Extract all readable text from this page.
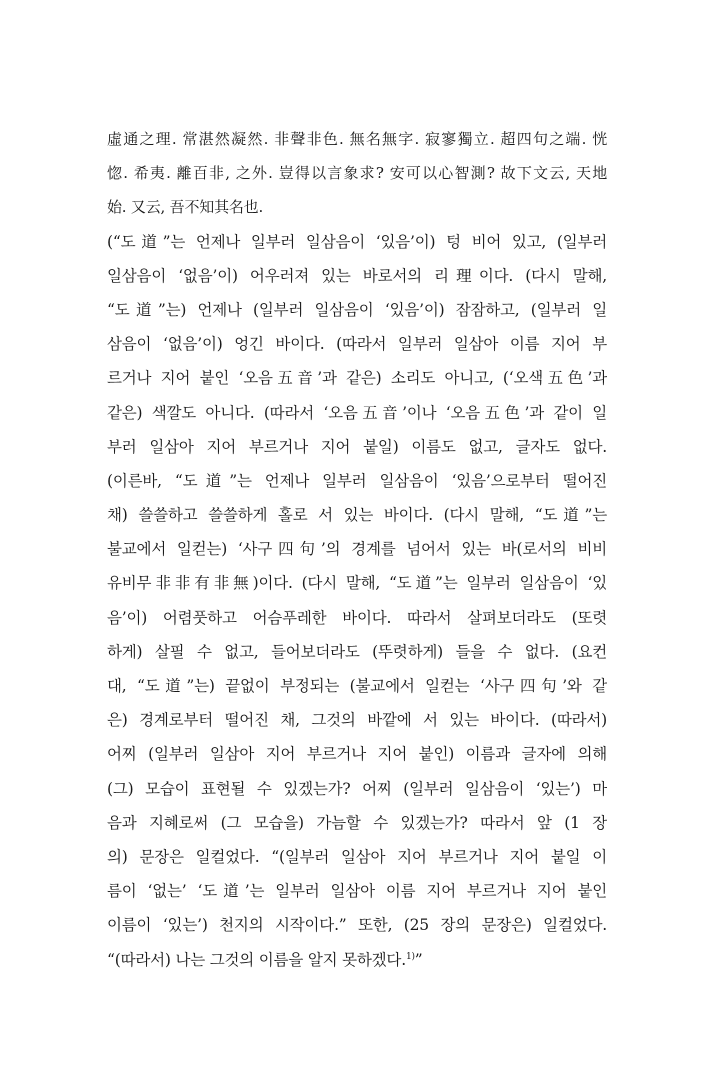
虛通之理. 常湛然凝然. 非聲非色. 無名無字. 寂寥獨立. 超四句之端. 恍
惚. 希夷. 離百非, 之外. 豈得以言象求? 安可以心智測? 故下文云, 天地
始. 又云, 吾不知其名也.
(“도道”는 언제나 일부러 일삼음이 ‘있음’이) 텅 비어 있고, (일부러
일삼음이 ‘없음’이) 어우러져 있는 바로서의 리理이다. (다시 말해,
“도道”는) 언제나 (일부러 일삼음이 ‘있음’이) 잠잠하고, (일부러 일
삼음이 ‘없음’이) 엉긴 바이다. (따라서 일부러 일삼아 이름 지어 부
르거나 지어 붙인 ‘오음五音’과 같은) 소리도 아니고, (‘오색五色’과
같은) 색깔도 아니다. (따라서 ‘오음五音’이나 ‘오음五色’과 같이 일
부러 일삼아 지어 부르거나 지어 붙일) 이름도 없고, 글자도 없다.
(이른바, “도道”는 언제나 일부러 일삼음이 ‘있음’으로부터 떨어진
채) 쓸쓸하고 쓸쓸하게 홀로 서 있는 바이다. (다시 말해, “도道”는
불교에서 일컫는) ‘사구四句’의 경계를 넘어서 있는 바(로서의 비비
유비무非非有非無)이다. (다시 말해, “도道”는 일부러 일삼음이 ‘있
음’이) 어렴풋하고 어슴푸레한 바이다. 따라서 살펴보더라도 (또렷
하게) 살필 수 없고, 들어보더라도 (뚜렷하게) 들을 수 없다. (요컨
대, “도道”는) 끝없이 부정되는 (불교에서 일컫는 ‘사구四句’와 같
은) 경계로부터 떨어진 채, 그것의 바깥에 서 있는 바이다. (따라서)
어찌 (일부러 일삼아 지어 부르거나 지어 붙인) 이름과 글자에 의해
(그) 모습이 표현될 수 있겠는가? 어찌 (일부러 일삼음이 ‘있는’) 마
음과 지혜로써 (그 모습을) 가늠할 수 있겠는가? 따라서 앞 (1 장
의) 문장은 일컬었다. “(일부러 일삼아 지어 부르거나 지어 붙일 이
름이 ‘없는’ ‘도道’는 일부러 일삼아 이름 지어 부르거나 지어 붙인
이름이 ‘있는’) 천지의 시작이다.” 또한, (25 장의 문장은) 일컬었다.
“(따라서) 나는 그것의 이름을 알지 못하겠다.$^{1)}$”
